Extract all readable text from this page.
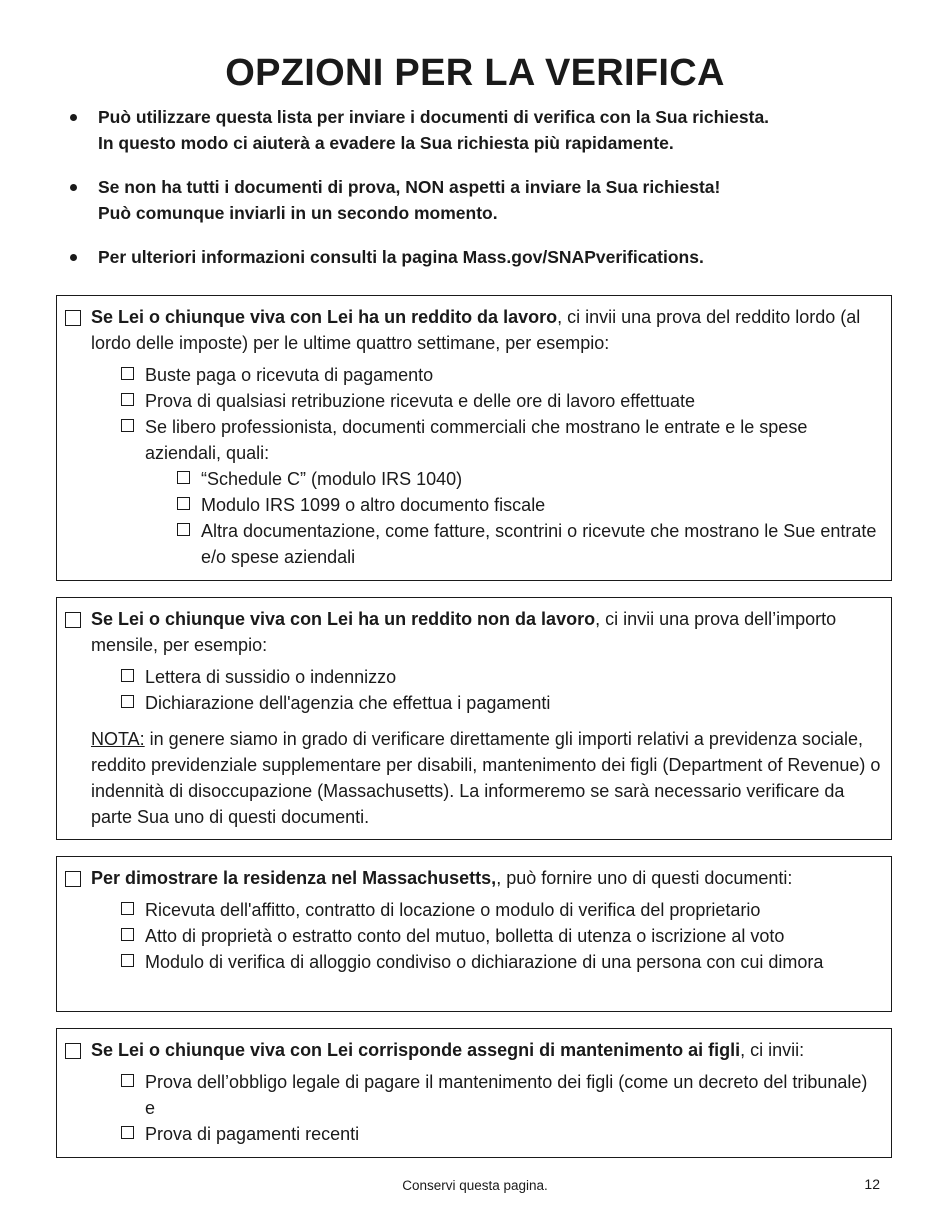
OPZIONI PER LA VERIFICA
Può utilizzare questa lista per inviare i documenti di verifica con la Sua richiesta.
In questo modo ci aiuterà a evadere la Sua richiesta più rapidamente.
Se non ha tutti i documenti di prova, NON aspetti a inviare la Sua richiesta!
Può comunque inviarli in un secondo momento.
Per ulteriori informazioni consulti la pagina Mass.gov/SNAPverifications.
Se Lei o chiunque viva con Lei ha un reddito da lavoro, ci invii una prova del reddito lordo (al lordo delle imposte) per le ultime quattro settimane, per esempio:
Buste paga o ricevuta di pagamento
Prova di qualsiasi retribuzione ricevuta e delle ore di lavoro effettuate
Se libero professionista, documenti commerciali che mostrano le entrate e le spese aziendali, quali:
“Schedule C” (modulo IRS 1040)
Modulo IRS 1099 o altro documento fiscale
Altra documentazione, come fatture, scontrini o ricevute che mostrano le Sue entrate e/o spese aziendali
Se Lei o chiunque viva con Lei ha un reddito non da lavoro, ci invii una prova dell’importo mensile, per esempio:
Lettera di sussidio o indennizzo
Dichiarazione dell'agenzia che effettua i pagamenti
NOTA: in genere siamo in grado di verificare direttamente gli importi relativi a previdenza sociale, reddito previdenziale supplementare per disabili, mantenimento dei figli (Department of Revenue) o indennità di disoccupazione (Massachusetts). La informeremo se sarà necessario verificare da parte Sua uno di questi documenti.
Per dimostrare la residenza nel Massachusetts,, può fornire uno di questi documenti:
Ricevuta dell'affitto, contratto di locazione o modulo di verifica del proprietario
Atto di proprietà o estratto conto del mutuo, bolletta di utenza o iscrizione al voto
Modulo di verifica di alloggio condiviso o dichiarazione di una persona con cui dimora
Se Lei o chiunque viva con Lei corrisponde assegni di mantenimento ai figli, ci invii:
Prova dell’obbligo legale di pagare il mantenimento dei figli (come un decreto del tribunale) e
Prova di pagamenti recenti
Conservi questa pagina.	12
